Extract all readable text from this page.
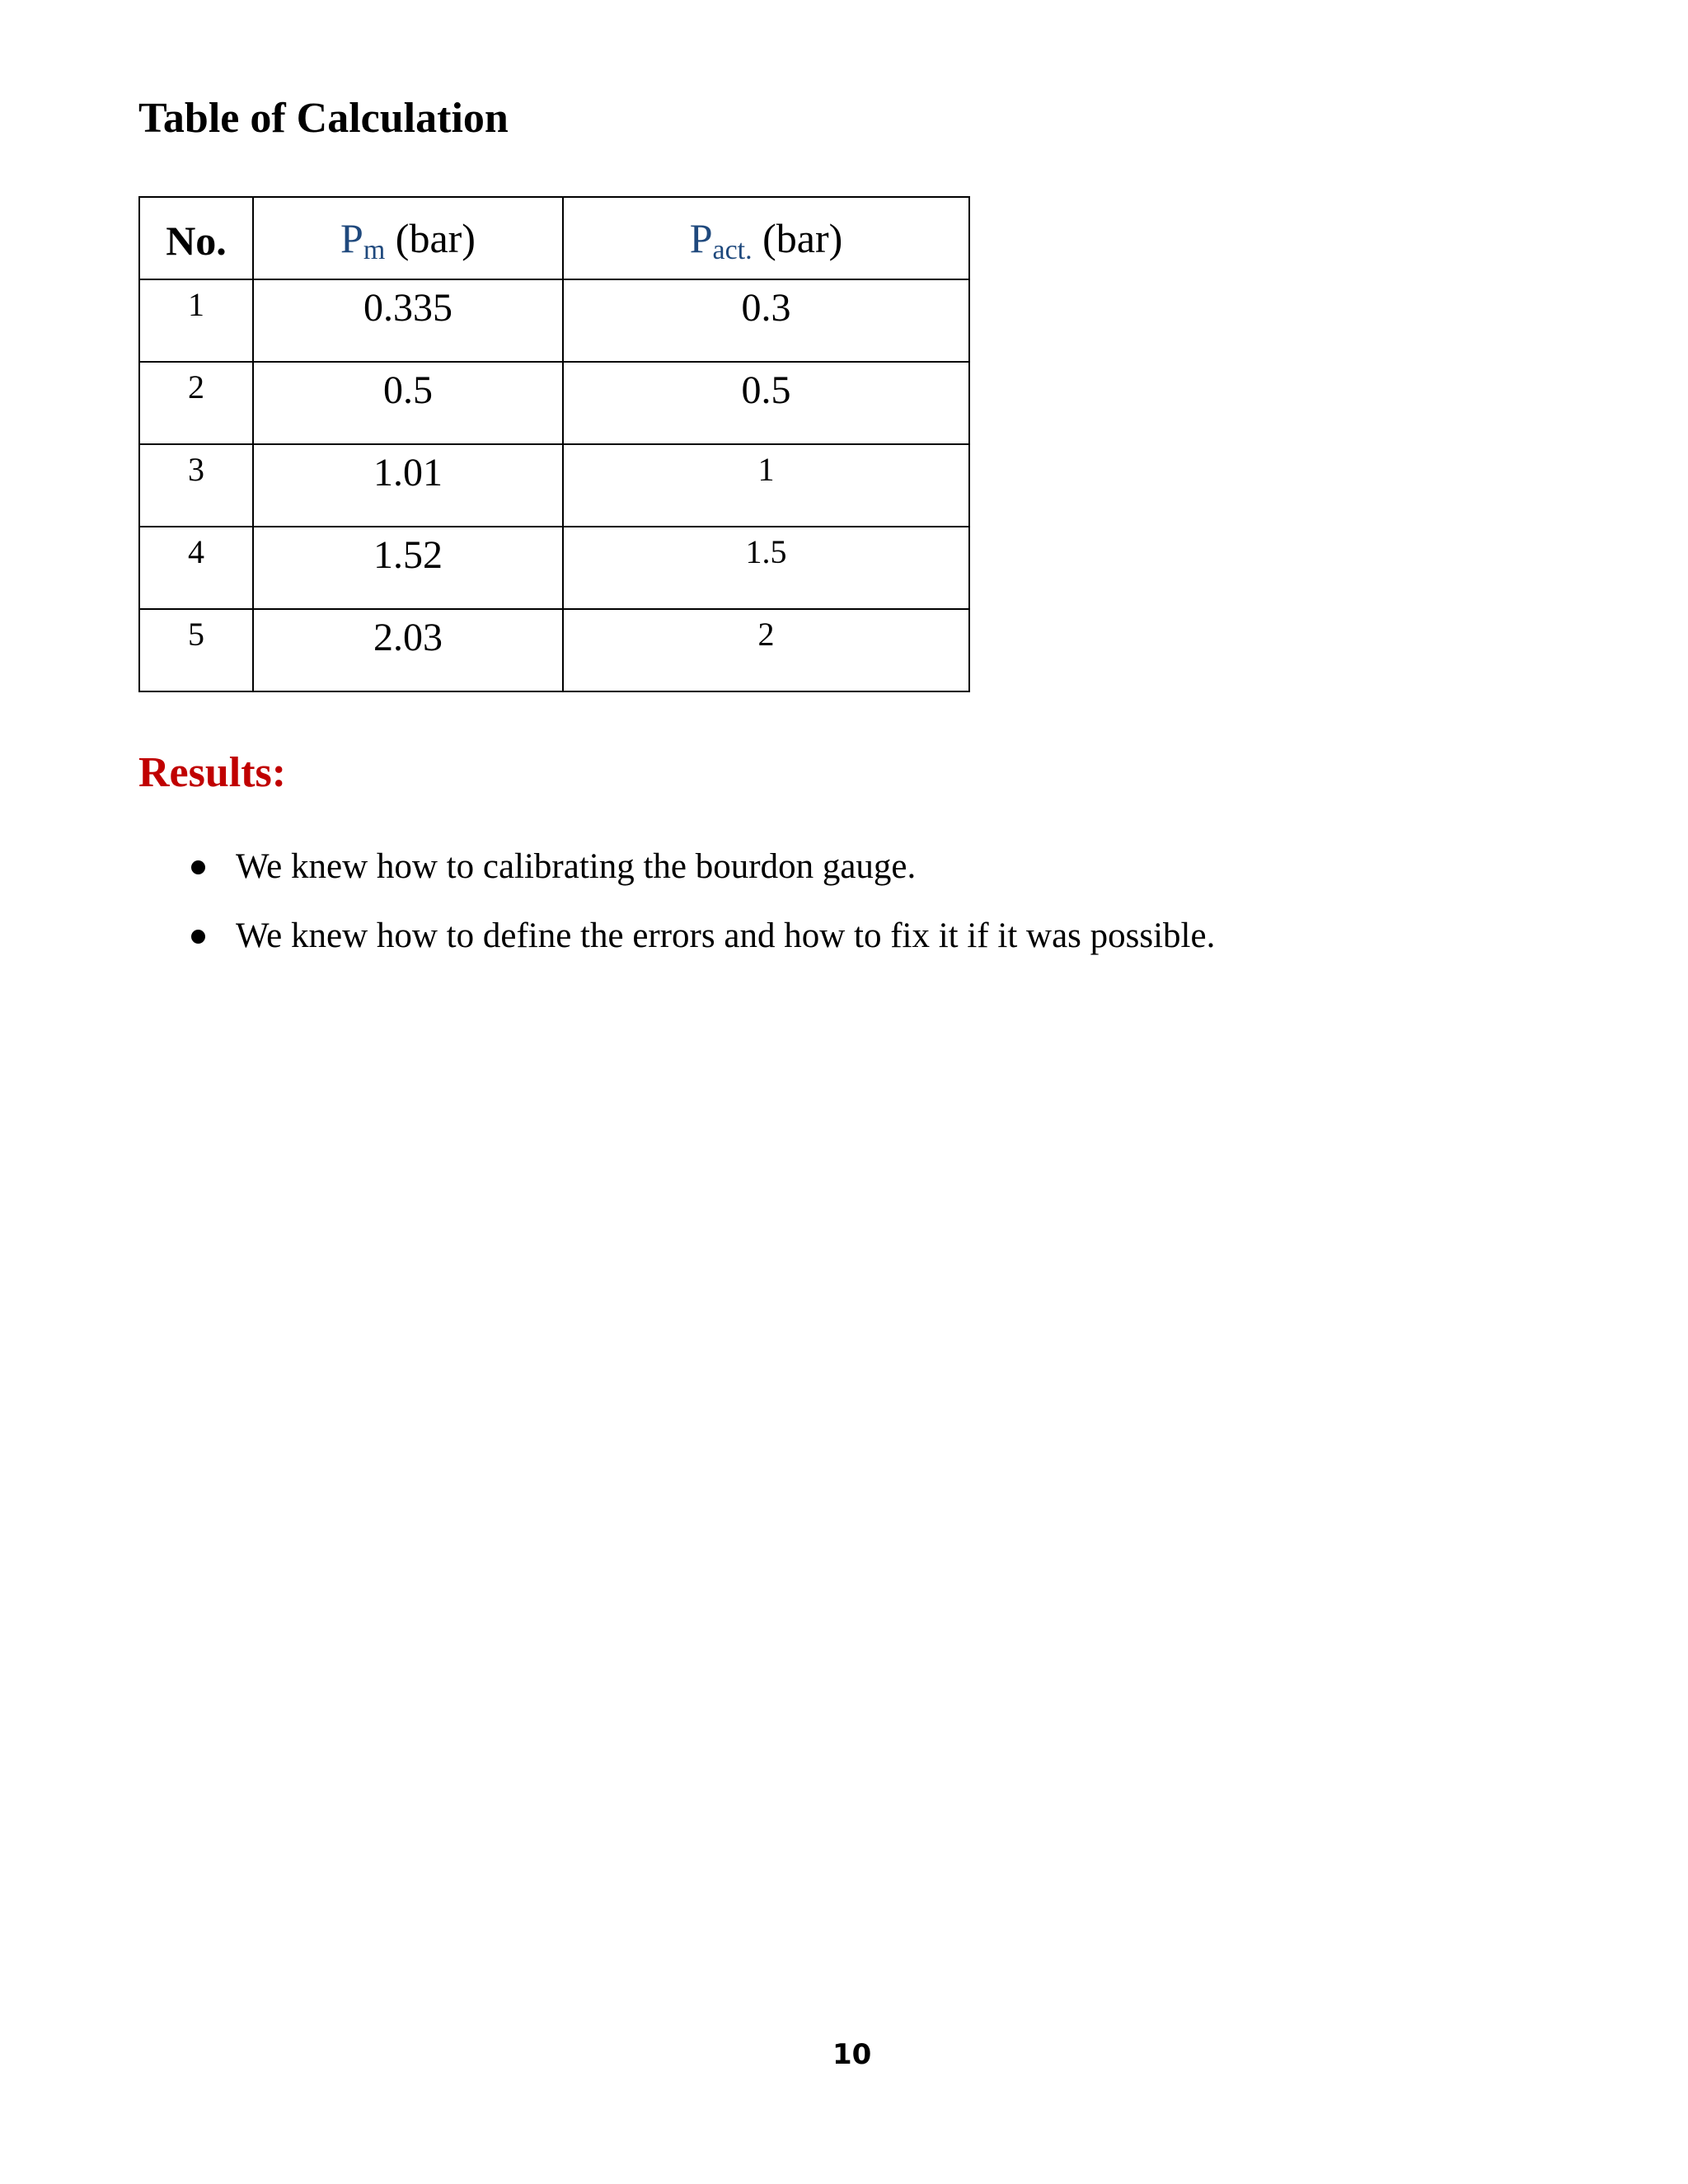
Table of Calculation
No.	Pm (bar)	Pact. (bar)
1	0.335	0.3
2	0.5	0.5
3	1.01	1
4	1.52	1.5
5	2.03	2
Results:
We knew how to calibrating the bourdon gauge.
We knew how to define the errors and how to fix it if it was possible.
10
